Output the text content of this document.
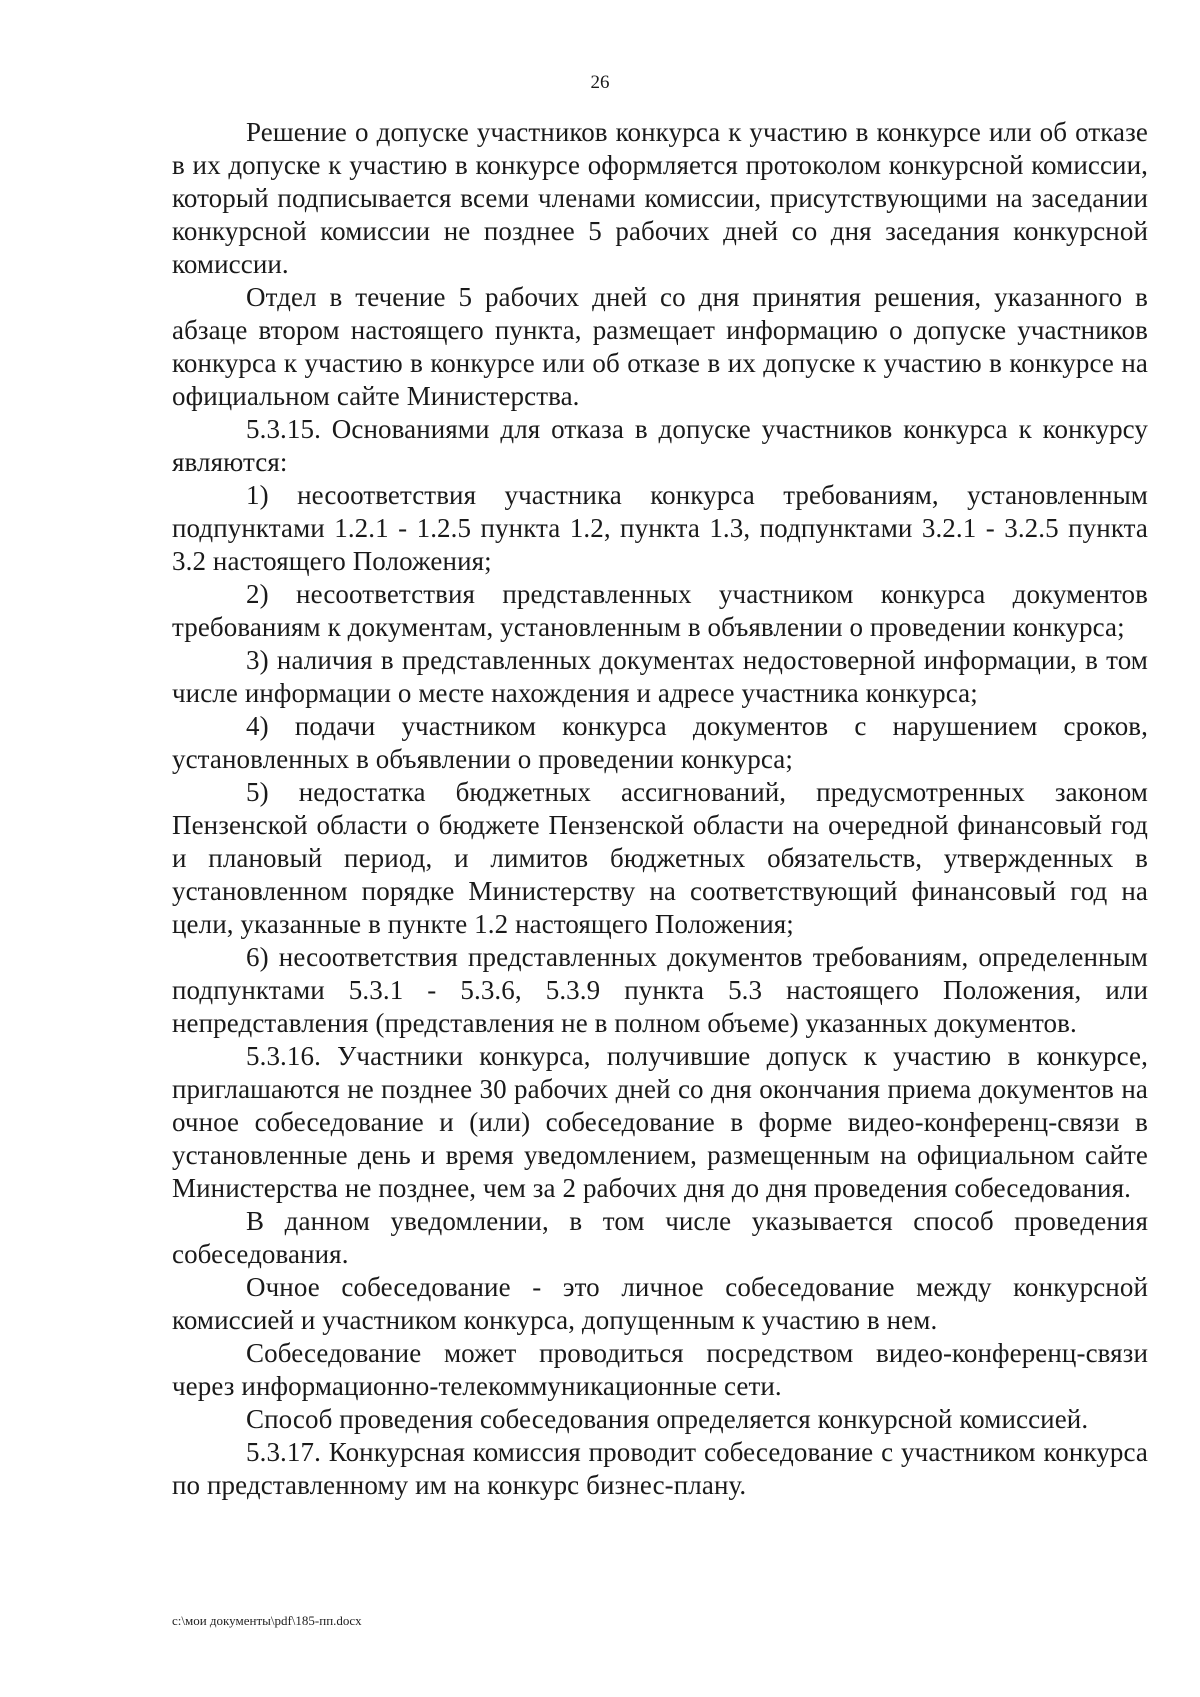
26

Решение о допуске участников конкурса к участию в конкурсе или об отказе в их допуске к участию в конкурсе оформляется протоколом конкурсной комиссии, который подписывается всеми членами комиссии, присутствующими на заседании конкурсной комиссии не позднее 5 рабочих дней со дня заседания конкурсной комиссии.

Отдел в течение 5 рабочих дней со дня принятия решения, указанного в абзаце втором настоящего пункта, размещает информацию о допуске участников конкурса к участию в конкурсе или об отказе в их допуске к участию в конкурсе на официальном сайте Министерства.

5.3.15. Основаниями для отказа в допуске участников конкурса к конкурсу являются:

1) несоответствия участника конкурса требованиям, установленным подпунктами 1.2.1 - 1.2.5 пункта 1.2, пункта 1.3, подпунктами 3.2.1 - 3.2.5 пункта 3.2 настоящего Положения;

2) несоответствия представленных участником конкурса документов требованиям к документам, установленным в объявлении о проведении конкурса;

3) наличия в представленных документах недостоверной информации, в том числе информации о месте нахождения и адресе участника конкурса;

4) подачи участником конкурса документов с нарушением сроков, установленных в объявлении о проведении конкурса;

5) недостатка бюджетных ассигнований, предусмотренных законом Пензенской области о бюджете Пензенской области на очередной финансовый год и плановый период, и лимитов бюджетных обязательств, утвержденных в установленном порядке Министерству на соответствующий финансовый год на цели, указанные в пункте 1.2 настоящего Положения;

6) несоответствия представленных документов требованиям, определенным подпунктами 5.3.1 - 5.3.6, 5.3.9 пункта 5.3 настоящего Положения, или непредставления (представления не в полном объеме) указанных документов.

5.3.16. Участники конкурса, получившие допуск к участию в конкурсе, приглашаются не позднее 30 рабочих дней со дня окончания приема документов на очное собеседование и (или) собеседование в форме видео-конференц-связи в установленные день и время уведомлением, размещенным на официальном сайте Министерства не позднее, чем за 2 рабочих дня до дня проведения собеседования.

В данном уведомлении, в том числе указывается способ проведения собеседования.

Очное собеседование - это личное собеседование между конкурсной комиссией и участником конкурса, допущенным к участию в нем.

Собеседование может проводиться посредством видео-конференц-связи через информационно-телекоммуникационные сети.

Способ проведения собеседования определяется конкурсной комиссией.

5.3.17. Конкурсная комиссия проводит собеседование с участником конкурса по представленному им на конкурс бизнес-плану.

c:\мои документы\pdf\185-пп.docx
